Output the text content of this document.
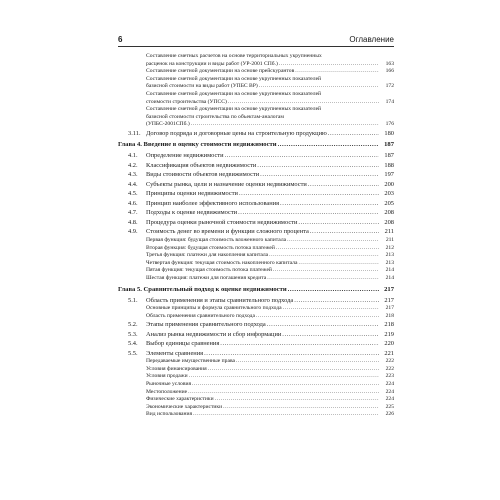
6	Оглавление
Составление сметных расчетов на основе территориальных укрупненных
расценок на конструкции и виды работ (УР-2001 СПб.) .....	163
Составление сметной документации на основе прейскурантов .....	166
Составление сметной документации на основе укрупненных показателей
базисной стоимости на виды работ (УПБС ВР) .....	172
Составление сметной документации на основе укрупненных показателей
стоимости строительства (УПСС) .....	174
Составление сметной документации на основе укрупненных показателей
базисной стоимости строительства по объектам-аналогам
(УПБС-2001СПб.) .....	176
3.11. Договор подряда и договорные цены на строительную продукцию .....	180
Глава 4. Введение в оценку стоимости недвижимости .....	187
4.1.	Определение недвижимости .....	187
4.2.	Классификация объектов недвижимости .....	188
4.3.	Виды стоимости объектов недвижимости .....	197
4.4.	Субъекты рынка, цели и назначение оценки недвижимости .....	200
4.5.	Принципы оценки недвижимости .....	203
4.6.	Принцип наиболее эффективного использования .....	205
4.7.	Подходы к оценке недвижимости .....	208
4.8.	Процедура оценки рыночной стоимости недвижимости .....	208
4.9.	Стоимость денег во времени и функции сложного процента .....	211
Первая функция: будущая стоимость вложенного капитала .....	211
Вторая функция: будущая стоимость потока платежей .....	212
Третья функция: платежи для накопления капитала .....	213
Четвертая функция: текущая стоимость накопленного капитала .....	213
Пятая функция: текущая стоимость потока платежей .....	214
Шестая функция: платежи для погашения кредита .....	214
Глава 5. Сравнительный подход к оценке недвижимости .....	217
5.1.	Область применения и этапы сравнительного подхода .....	217
Основные принципы и формула сравнительного подхода .....	217
Область применения сравнительного подхода .....	218
5.2.	Этапы применения сравнительного подхода .....	218
5.3.	Анализ рынка недвижимости и сбор информации .....	219
5.4.	Выбор единицы сравнения .....	220
5.5.	Элементы сравнения .....	221
Передаваемые имущественные права .....	222
Условия финансирования .....	222
Условия продажи .....	223
Рыночные условия .....	224
Местоположение .....	224
Физические характеристики .....	224
Экономические характеристики .....	225
Вид использования .....	226
